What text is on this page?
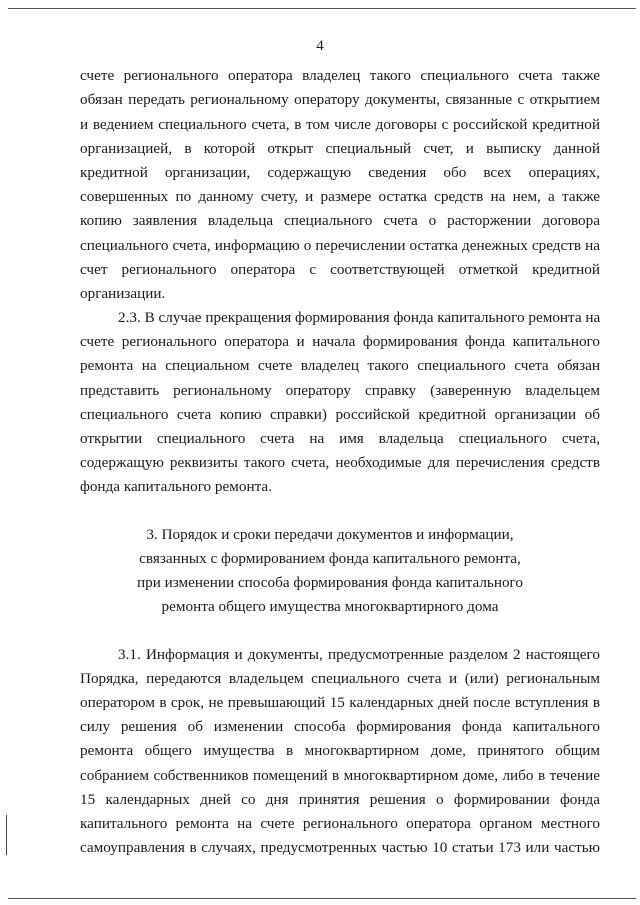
4
счете регионального оператора владелец такого специального счета также
обязан передать региональному оператору документы, связанные с открытием
и ведением специального счета, в том числе договоры с российской кредитной
организацией, в которой открыт специальный счет, и выписку данной
кредитной организации, содержащую сведения обо всех операциях,
совершенных по данному счету, и размере остатка средств на нем, а также
копию заявления владельца специального счета о расторжении договора
специального счета, информацию о перечислении остатка денежных средств на
счет регионального оператора с соответствующей отметкой кредитной
организации.
2.3. В случае прекращения формирования фонда капитального ремонта на
счете регионального оператора и начала формирования фонда капитального
ремонта на специальном счете владелец такого специального счета обязан
представить региональному оператору справку (заверенную владельцем
специального счета копию справки) российской кредитной организации об
открытии специального счета на имя владельца специального счета,
содержащую реквизиты такого счета, необходимые для перечисления средств
фонда капитального ремонта.
3. Порядок и сроки передачи документов и информации,
связанных с формированием фонда капитального ремонта,
при изменении способа формирования фонда капитального
ремонта общего имущества многоквартирного дома
3.1. Информация и документы, предусмотренные разделом 2 настоящего
Порядка, передаются владельцем специального счета и (или) региональным
оператором в срок, не превышающий 15 календарных дней после вступления в
силу решения об изменении способа формирования фонда капитального
ремонта общего имущества в многоквартирном доме, принятого общим
собранием собственников помещений в многоквартирном доме, либо в течение
15 календарных дней со дня принятия решения о формировании фонда
капитального ремонта на счете регионального оператора органом местного
самоуправления в случаях, предусмотренных частью 10 статьи 173 или частью
